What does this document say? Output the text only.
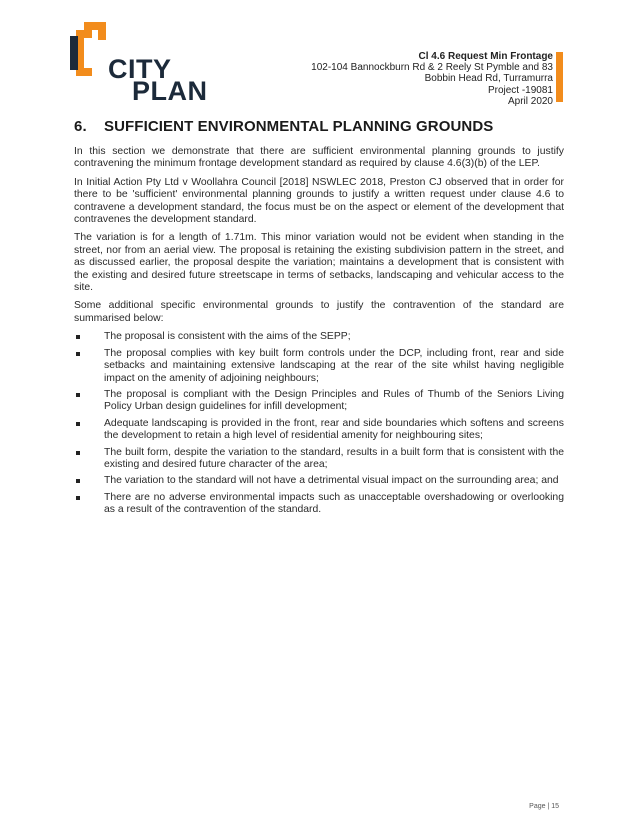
CITY
PLAN
Cl 4.6 Request Min Frontage
102-104 Bannockburn Rd & 2 Reely St Pymble and 83
Bobbin Head Rd, Turramurra
Project -19081
April 2020
6. SUFFICIENT ENVIRONMENTAL PLANNING GROUNDS

In this section we demonstrate that there are sufficient environmental planning grounds to justify contravening the minimum frontage development standard as required by clause 4.6(3)(b) of the LEP.

In Initial Action Pty Ltd v Woollahra Council [2018] NSWLEC 2018, Preston CJ observed that in order for there to be 'sufficient' environmental planning grounds to justify a written request under clause 4.6 to contravene a development standard, the focus must be on the aspect or element of the development that contravenes the development standard.

The variation is for a length of 1.71m. This minor variation would not be evident when standing in the street, nor from an aerial view. The proposal is retaining the existing subdivision pattern in the street, and as discussed earlier, the proposal despite the variation; maintains a development that is consistent with the existing and desired future streetscape in terms of setbacks, landscaping and vehicular access to the site.

Some additional specific environmental grounds to justify the contravention of the standard are summarised below:

The proposal is consistent with the aims of the SEPP;
The proposal complies with key built form controls under the DCP, including front, rear and side setbacks and maintaining extensive landscaping at the rear of the site whilst having negligible impact on the amenity of adjoining neighbours;
The proposal is compliant with the Design Principles and Rules of Thumb of the Seniors Living Policy Urban design guidelines for infill development;
Adequate landscaping is provided in the front, rear and side boundaries which softens and screens the development to retain a high level of residential amenity for neighbouring sites;
The built form, despite the variation to the standard, results in a built form that is consistent with the existing and desired future character of the area;
The variation to the standard will not have a detrimental visual impact on the surrounding area; and
There are no adverse environmental impacts such as unacceptable overshadowing or overlooking as a result of the contravention of the standard.
Page | 15
